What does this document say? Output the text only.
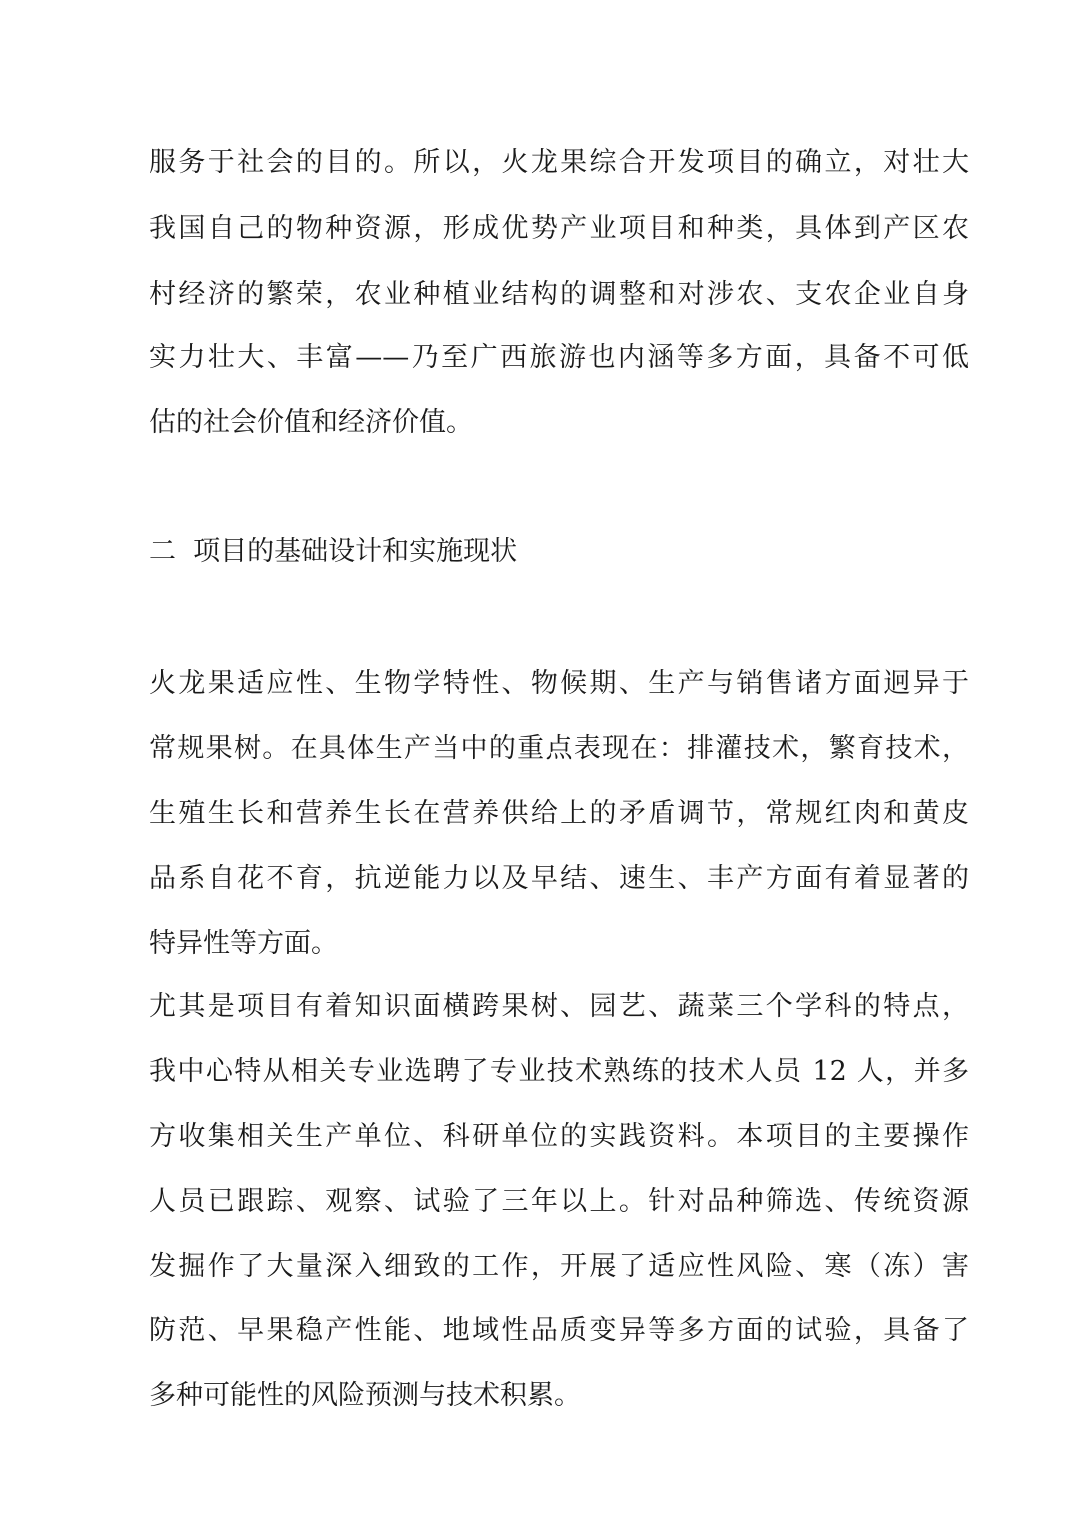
服务于社会的目的。所以，火龙果综合开发项目的确立，对壮大

我国自己的物种资源，形成优势产业项目和种类，具体到产区农

村经济的繁荣，农业种植业结构的调整和对涉农、支农企业自身

实力壮大、丰富——乃至广西旅游也内涵等多方面，具备不可低

估的社会价值和经济价值。

二  项目的基础设计和实施现状

火龙果适应性、生物学特性、物候期、生产与销售诸方面迥异于

常规果树。在具体生产当中的重点表现在：排灌技术，繁育技术，

生殖生长和营养生长在营养供给上的矛盾调节，常规红肉和黄皮

品系自花不育，抗逆能力以及早结、速生、丰产方面有着显著的

特异性等方面。

尤其是项目有着知识面横跨果树、园艺、蔬菜三个学科的特点，

我中心特从相关专业选聘了专业技术熟练的技术人员 12 人，并多

方收集相关生产单位、科研单位的实践资料。本项目的主要操作

人员已跟踪、观察、试验了三年以上。针对品种筛选、传统资源

发掘作了大量深入细致的工作，开展了适应性风险、寒（冻）害

防范、早果稳产性能、地域性品质变异等多方面的试验，具备了

多种可能性的风险预测与技术积累。
